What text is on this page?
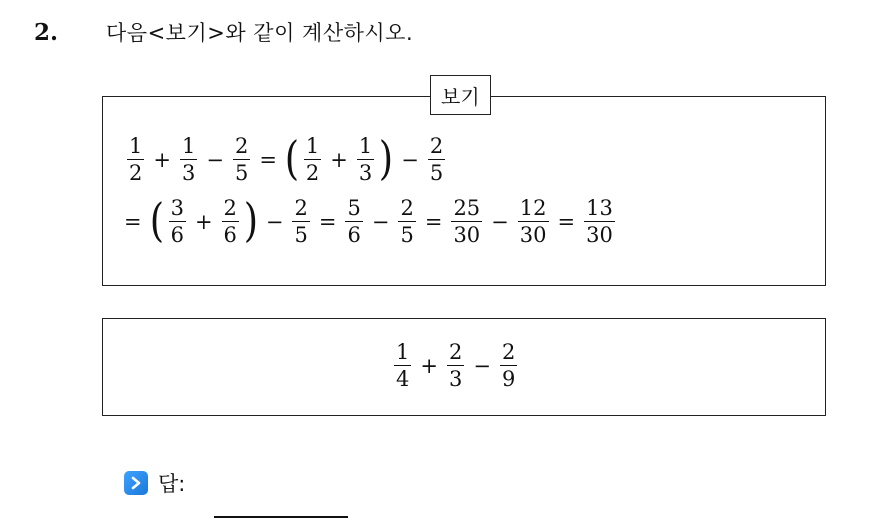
2.	다음<보기>와 같이 계산하시오.
보기
$\frac{1}{2} + \frac{1}{3} - \frac{2}{5}$ = ( $\frac{1}{2} + \frac{1}{3}$ ) − $\frac{2}{5}$
= ( $\frac{3}{6} + \frac{2}{6}$ ) − $\frac{2}{5} = \frac{5}{6} - \frac{2}{5} = \frac{25}{30} - \frac{12}{30} = \frac{13}{30}$
$\frac{1}{4} + \frac{2}{3} - \frac{2}{9}$
답:
